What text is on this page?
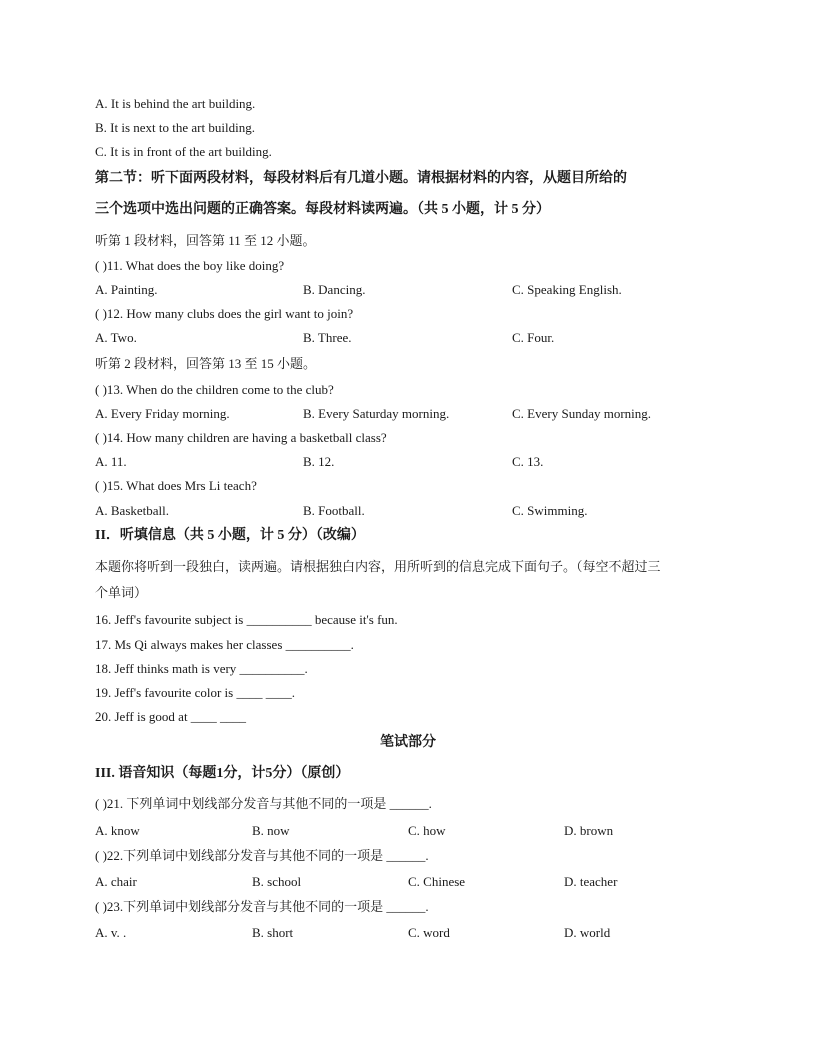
A. It is behind the art building.
B. It is next to the art building.
C. It is in front of the art building.
第二节：听下面两段材料，每段材料后有几道小题。请根据材料的内容，从题目所给的
三个选项中选出问题的正确答案。每段材料读两遍。（共 5 小题，计 5 分）
听第 1 段材料，回答第 11 至 12 小题。
( )11. What does the boy like doing?
A. Painting.	B. Dancing.	C. Speaking English.
( )12. How many clubs does the girl want to join?
A. Two.	B. Three.	C. Four.
听第 2 段材料，回答第 13 至 15 小题。
( )13. When do the children come to the club?
A. Every Friday morning.	B. Every Saturday morning.	C. Every Sunday morning.
( )14. How many children are having a basketball class?
A. 11.	B. 12.	C. 13.
( )15. What does Mrs Li teach?
A. Basketball.	B. Football.	C. Swimming.
II．听填信息（共 5 小题，计 5 分）（改编）
本题你将听到一段独白，读两遍。请根据独白内容，用所听到的信息完成下面句子。（每空不超过三
个单词）
16. Jeff's favourite subject is __________ because it's fun.
17. Ms Qi always makes her classes __________.
18. Jeff thinks math is very __________.
19. Jeff's favourite color is ____ ____.
20. Jeff is good at ____ ____
笔试部分
III. 语音知识（每题1分，计5分）（原创）
( )21. 下列单词中划线部分发音与其他不同的一项是 ______.
A. know	B. now	C. how	D. brown
( )22.下列单词中划线部分发音与其他不同的一项是 ______.
A. chair	B. school	C. Chinese	D. teacher
( )23.下列单词中划线部分发音与其他不同的一项是 ______.
A. v. .	B. short	C. word	D. world
